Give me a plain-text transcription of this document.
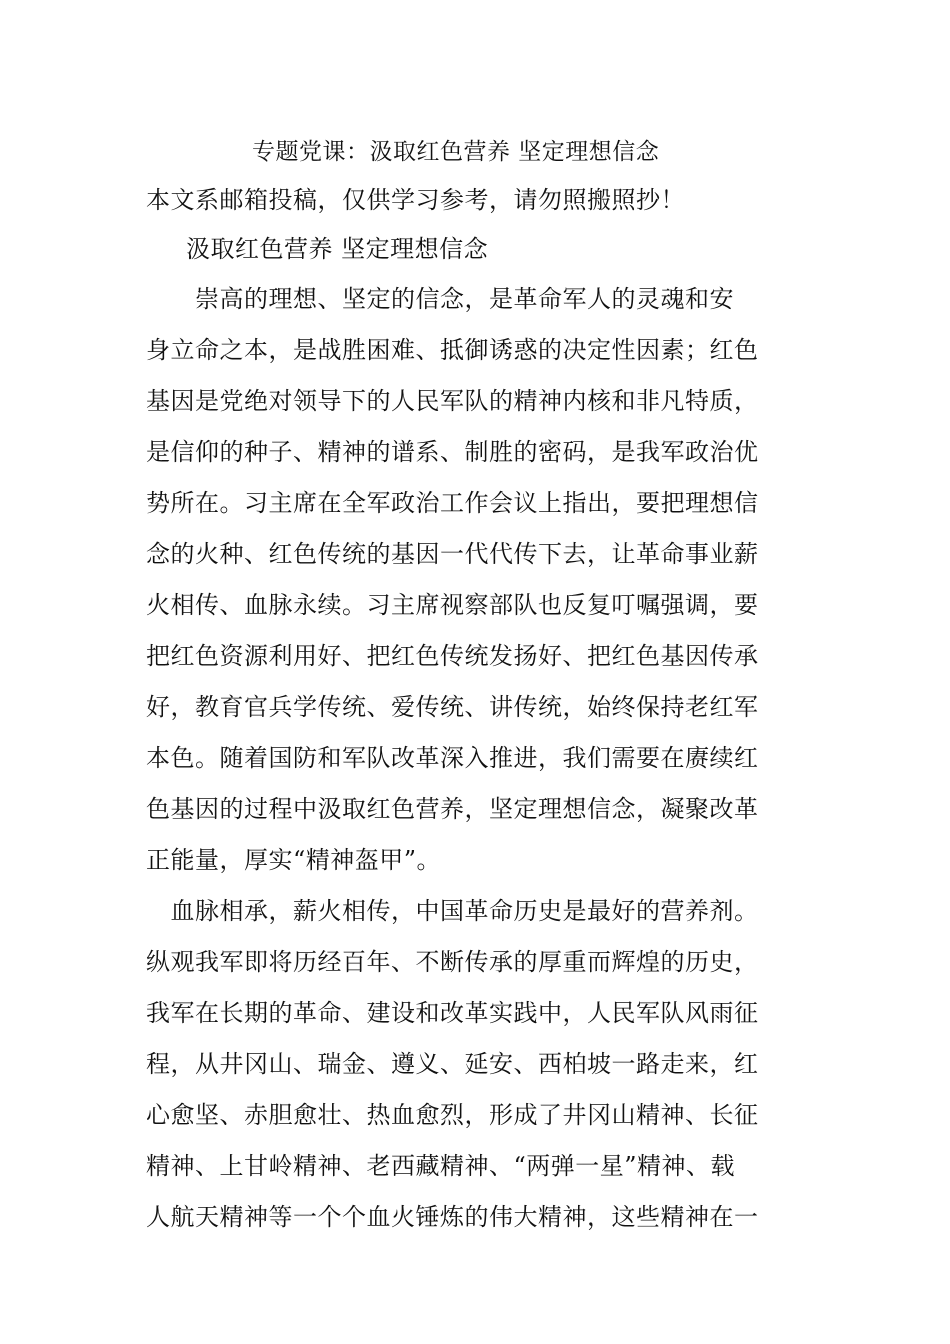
专题党课：汲取红色营养 坚定理想信念
本文系邮箱投稿，仅供学习参考，请勿照搬照抄！
汲取红色营养 坚定理想信念
　　崇高的理想、坚定的信念，是革命军人的灵魂和安
身立命之本，是战胜困难、抵御诱惑的决定性因素；红色
基因是党绝对领导下的人民军队的精神内核和非凡特质，
是信仰的种子、精神的谱系、制胜的密码，是我军政治优
势所在。习主席在全军政治工作会议上指出，要把理想信
念的火种、红色传统的基因一代代传下去，让革命事业薪
火相传、血脉永续。习主席视察部队也反复叮嘱强调，要
把红色资源利用好、把红色传统发扬好、把红色基因传承
好，教育官兵学传统、爱传统、讲传统，始终保持老红军
本色。随着国防和军队改革深入推进，我们需要在赓续红
色基因的过程中汲取红色营养，坚定理想信念，凝聚改革
正能量，厚实“精神盔甲”。
　血脉相承，薪火相传，中国革命历史是最好的营养剂。
纵观我军即将历经百年、不断传承的厚重而辉煌的历史，
我军在长期的革命、建设和改革实践中，人民军队风雨征
程，从井冈山、瑞金、遵义、延安、西柏坡一路走来，红
心愈坚、赤胆愈壮、热血愈烈，形成了井冈山精神、长征
精神、上甘岭精神、老西藏精神、“两弹一星”精神、载
人航天精神等一个个血火锤炼的伟大精神，这些精神在一
